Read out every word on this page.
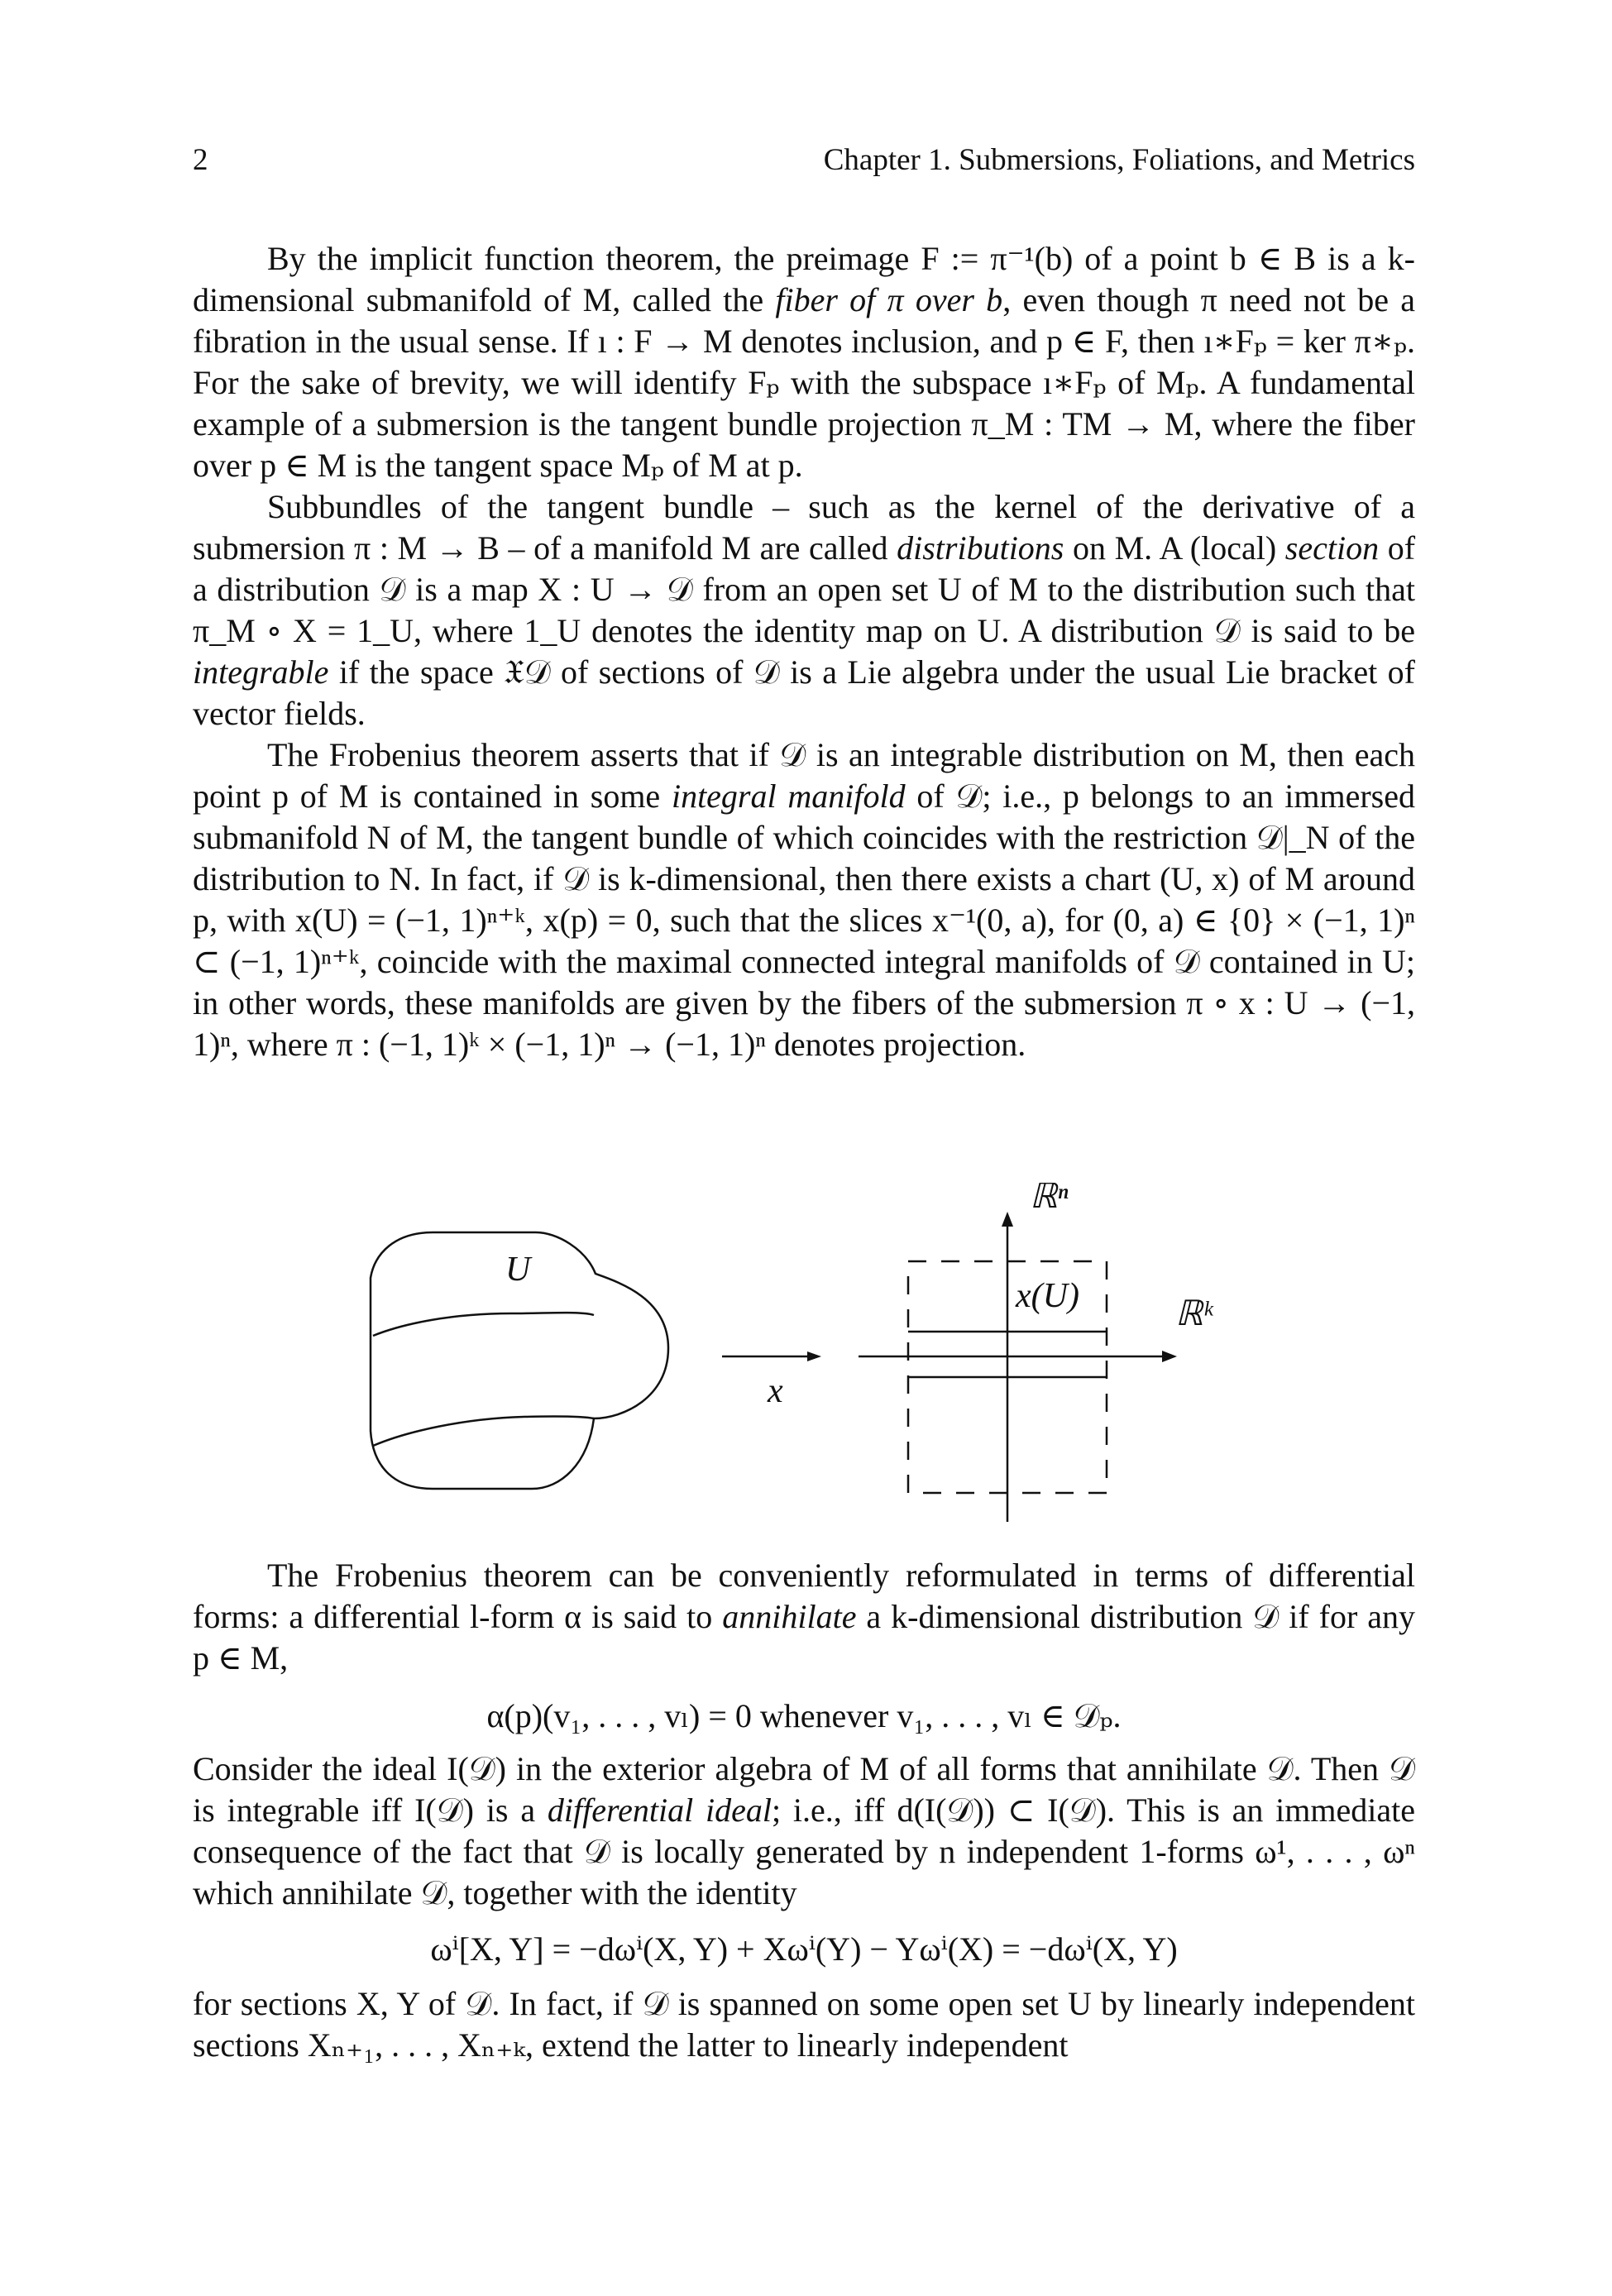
2	Chapter 1. Submersions, Foliations, and Metrics

By the implicit function theorem, the preimage F := π⁻¹(b) of a point b ∈ B is a k-dimensional submanifold of M, called the fiber of π over b, even though π need not be a fibration in the usual sense. If ı : F → M denotes inclusion, and p ∈ F, then ı∗Fₚ = ker π∗ₚ. For the sake of brevity, we will identify Fₚ with the subspace ı∗Fₚ of Mₚ. A fundamental example of a submersion is the tangent bundle projection π_M : TM → M, where the fiber over p ∈ M is the tangent space Mₚ of M at p.

Subbundles of the tangent bundle – such as the kernel of the derivative of a submersion π : M → B – of a manifold M are called distributions on M. A (local) section of a distribution 𝒟 is a map X : U → 𝒟 from an open set U of M to the distribution such that π_M ∘ X = 1_U, where 1_U denotes the identity map on U. A distribution 𝒟 is said to be integrable if the space 𝔛𝒟 of sections of 𝒟 is a Lie algebra under the usual Lie bracket of vector fields.

The Frobenius theorem asserts that if 𝒟 is an integrable distribution on M, then each point p of M is contained in some integral manifold of 𝒟; i.e., p belongs to an immersed submanifold N of M, the tangent bundle of which coincides with the restriction 𝒟|_N of the distribution to N. In fact, if 𝒟 is k-dimensional, then there exists a chart (U, x) of M around p, with x(U) = (−1, 1)ⁿ⁺ᵏ, x(p) = 0, such that the slices x⁻¹(0, a), for (0, a) ∈ {0} × (−1, 1)ⁿ ⊂ (−1, 1)ⁿ⁺ᵏ, coincide with the maximal connected integral manifolds of 𝒟 contained in U; in other words, these manifolds are given by the fibers of the submersion π ∘ x : U → (−1, 1)ⁿ, where π : (−1, 1)ᵏ × (−1, 1)ⁿ → (−1, 1)ⁿ denotes projection.

U
x
x(U)
ℝⁿ
ℝᵏ

The Frobenius theorem can be conveniently reformulated in terms of differential forms: a differential l-form α is said to annihilate a k-dimensional distribution 𝒟 if for any p ∈ M,

α(p)(v₁, . . . , vₗ) = 0 whenever v₁, . . . , vₗ ∈ 𝒟ₚ.

Consider the ideal I(𝒟) in the exterior algebra of M of all forms that annihilate 𝒟. Then 𝒟 is integrable iff I(𝒟) is a differential ideal; i.e., iff d(I(𝒟)) ⊂ I(𝒟). This is an immediate consequence of the fact that 𝒟 is locally generated by n independent 1-forms ω¹, . . . , ωⁿ which annihilate 𝒟, together with the identity

ωⁱ[X, Y] = −dωⁱ(X, Y) + Xωⁱ(Y) − Yωⁱ(X) = −dωⁱ(X, Y)

for sections X, Y of 𝒟. In fact, if 𝒟 is spanned on some open set U by linearly independent sections Xₙ₊₁, . . . , Xₙ₊ₖ, extend the latter to linearly independent
